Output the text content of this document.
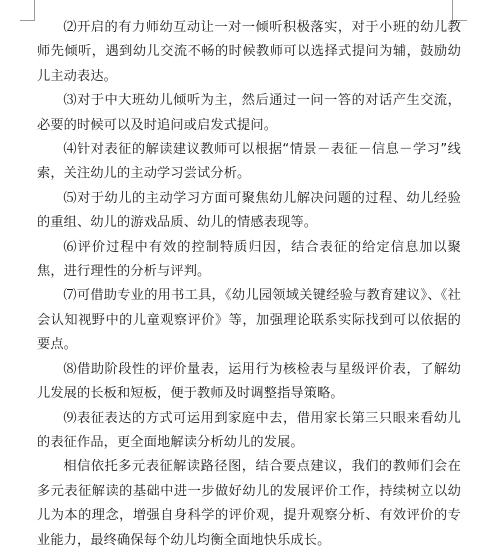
⑵开启的有力师幼互动让一对一倾听积极落实，对于小班的幼儿教师先倾听，遇到幼儿交流不畅的时候教师可以选择式提问为辅，鼓励幼儿主动表达。

⑶对于中大班幼儿倾听为主，然后通过一问一答的对话产生交流，必要的时候可以及时追问或启发式提问。

⑷针对表征的解读建议教师可以根据“情景－表征－信息－学习”线索，关注幼儿的主动学习尝试分析。

⑸对于幼儿的主动学习方面可聚焦幼儿解决问题的过程、幼儿经验的重组、幼儿的游戏品质、幼儿的情感表现等。

⑹评价过程中有效的控制特质归因，结合表征的给定信息加以聚焦，进行理性的分析与评判。

⑺可借助专业的用书工具，《幼儿园领域关键经验与教育建议》、《社会认知视野中的儿童观察评价》等，加强理论联系实际找到可以依据的要点。

⑻借助阶段性的评价量表，运用行为核检表与星级评价表，了解幼儿发展的长板和短板，便于教师及时调整指导策略。

⑼表征表达的方式可运用到家庭中去，借用家长第三只眼来看幼儿的表征作品，更全面地解读分析幼儿的发展。

相信依托多元表征解读路径图，结合要点建议，我们的教师们会在多元表征解读的基础中进一步做好幼儿的发展评价工作，持续树立以幼儿为本的理念，增强自身科学的评价观，提升观察分析、有效评价的专业能力，最终确保每个幼儿均衡全面地快乐成长。
